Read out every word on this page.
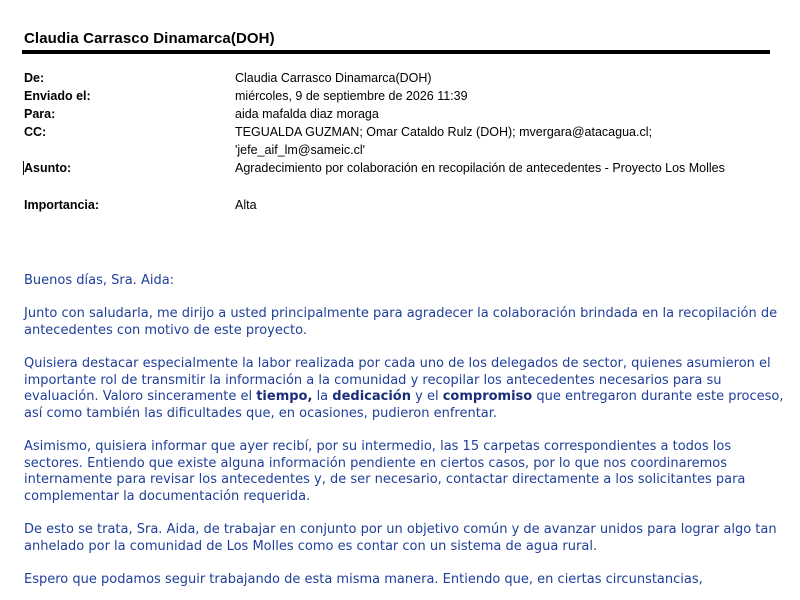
Claudia Carrasco Dinamarca(DOH)
De:	Claudia Carrasco Dinamarca(DOH)
Enviado el:	miércoles, 9 de septiembre de 2026 11:39
Para:	aida mafalda diaz moraga
CC:	TEGUALDA GUZMAN; Omar Cataldo Rulz (DOH); mvergara@atacagua.cl;
'jefe_aif_lm@sameic.cl'
Asunto:	Agradecimiento por colaboración en recopilación de antecedentes - Proyecto Los Molles
Importancia:	Alta

Buenos días, Sra. Aida:

Junto con saludarla, me dirijo a usted principalmente para agradecer la colaboración brindada en la recopilación de antecedentes con motivo de este proyecto.

Quisiera destacar especialmente la labor realizada por cada uno de los delegados de sector, quienes asumieron el importante rol de transmitir la información a la comunidad y recopilar los antecedentes necesarios para su evaluación. Valoro sinceramente el tiempo, la dedicación y el compromiso que entregaron durante este proceso, así como también las dificultades que, en ocasiones, pudieron enfrentar.

Asimismo, quisiera informar que ayer recibí, por su intermedio, las 15 carpetas correspondientes a todos los sectores. Entiendo que existe alguna información pendiente en ciertos casos, por lo que nos coordinaremos internamente para revisar los antecedentes y, de ser necesario, contactar directamente a los solicitantes para complementar la documentación requerida.

De esto se trata, Sra. Aida, de trabajar en conjunto por un objetivo común y de avanzar unidos para lograr algo tan anhelado por la comunidad de Los Molles como es contar con un sistema de agua rural.

Espero que podamos seguir trabajando de esta misma manera. Entiendo que, en ciertas circunstancias,
